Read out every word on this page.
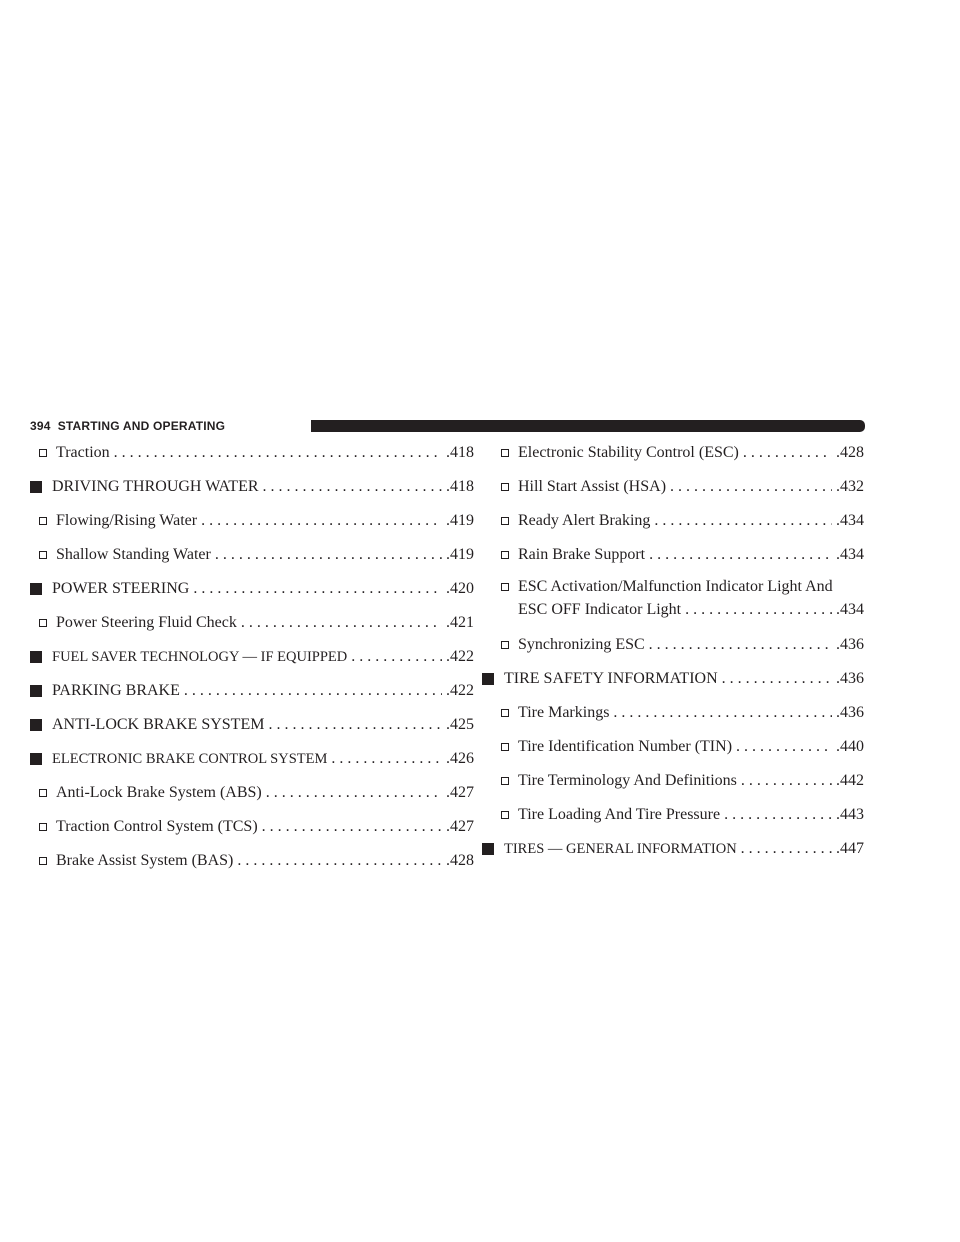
394 STARTING AND OPERATING
Traction . . .	.418
DRIVING THROUGH WATER . . .	.418
Flowing/Rising Water . . .	.419
Shallow Standing Water . . .	.419
POWER STEERING . . .	.420
Power Steering Fluid Check . . .	.421
FUEL SAVER TECHNOLOGY — IF EQUIPPED . . .	.422
PARKING BRAKE . . .	.422
ANTI-LOCK BRAKE SYSTEM . . .	.425
ELECTRONIC BRAKE CONTROL SYSTEM . . .	.426
Anti-Lock Brake System (ABS) . . .	.427
Traction Control System (TCS) . . .	.427
Brake Assist System (BAS) . . .	.428
Electronic Stability Control (ESC) . . .	.428
Hill Start Assist (HSA) . . .	.432
Ready Alert Braking . . .	.434
Rain Brake Support . . .	.434
ESC Activation/Malfunction Indicator Light And
ESC OFF Indicator Light . . .	.434
Synchronizing ESC . . .	.436
TIRE SAFETY INFORMATION . . .	.436
Tire Markings . . .	.436
Tire Identification Number (TIN) . . .	.440
Tire Terminology And Definitions . . .	.442
Tire Loading And Tire Pressure . . .	.443
TIRES — GENERAL INFORMATION . . .	.447
